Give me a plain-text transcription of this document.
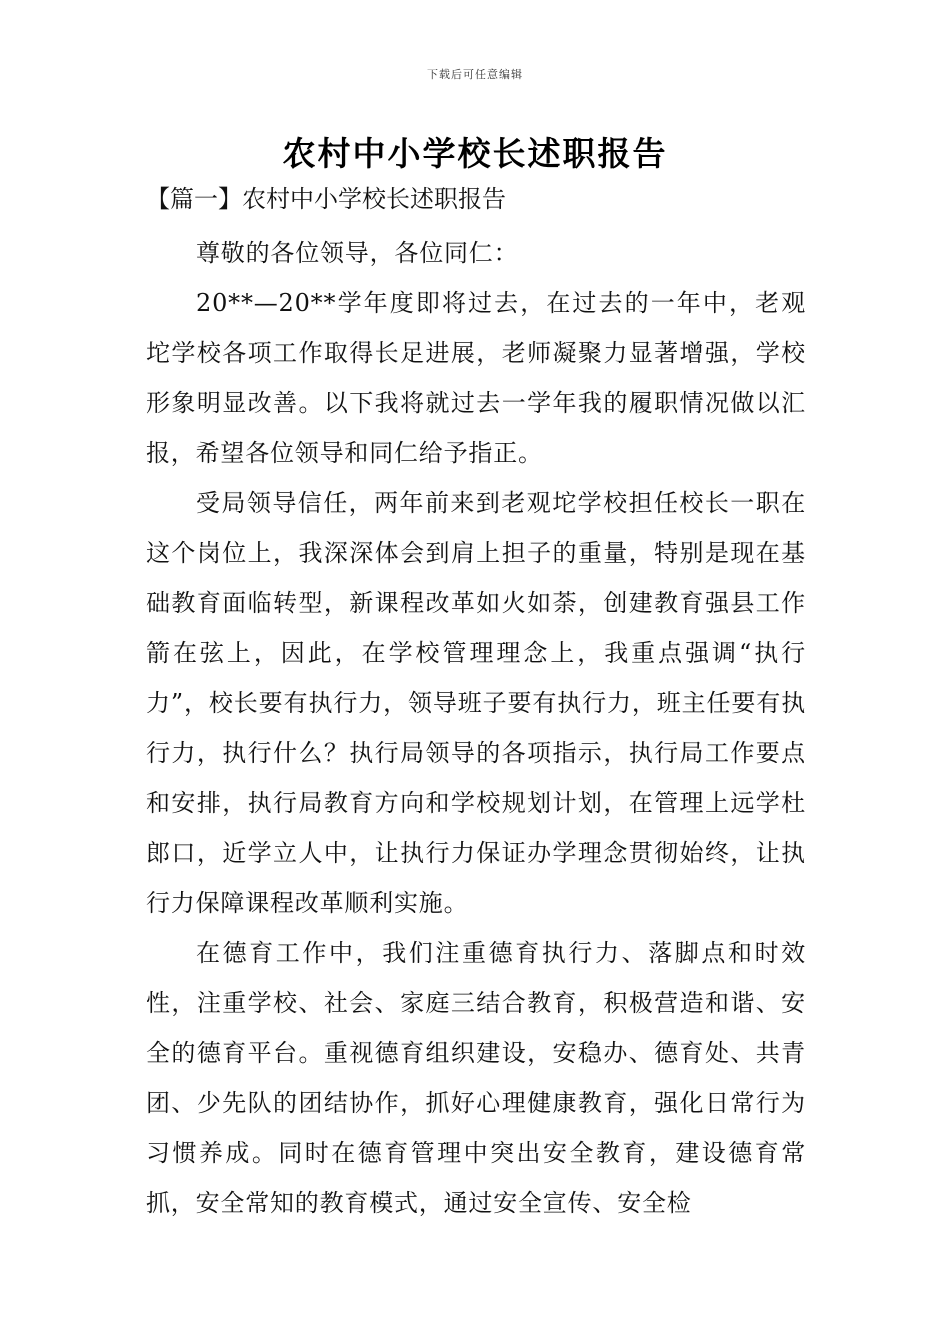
下载后可任意编辑
农村中小学校长述职报告
【篇一】农村中小学校长述职报告

尊敬的各位领导，各位同仁：

20**—20**学年度即将过去，在过去的一年中，老观坨学校各项工作取得长足进展，老师凝聚力显著增强，学校形象明显改善。以下我将就过去一学年我的履职情况做以汇报，希望各位领导和同仁给予指正。

受局领导信任，两年前来到老观坨学校担任校长一职在这个岗位上，我深深体会到肩上担子的重量，特别是现在基础教育面临转型，新课程改革如火如荼，创建教育强县工作箭在弦上，因此，在学校管理理念上，我重点强调“执行力”，校长要有执行力，领导班子要有执行力，班主任要有执行力，执行什么？执行局领导的各项指示，执行局工作要点和安排，执行局教育方向和学校规划计划，在管理上远学杜郎口，近学立人中，让执行力保证办学理念贯彻始终，让执行力保障课程改革顺利实施。

在德育工作中，我们注重德育执行力、落脚点和时效性，注重学校、社会、家庭三结合教育，积极营造和谐、安全的德育平台。重视德育组织建设，安稳办、德育处、共青团、少先队的团结协作，抓好心理健康教育，强化日常行为习惯养成。同时在德育管理中突出安全教育，建设德育常抓，安全常知的教育模式，通过安全宣传、安全检
